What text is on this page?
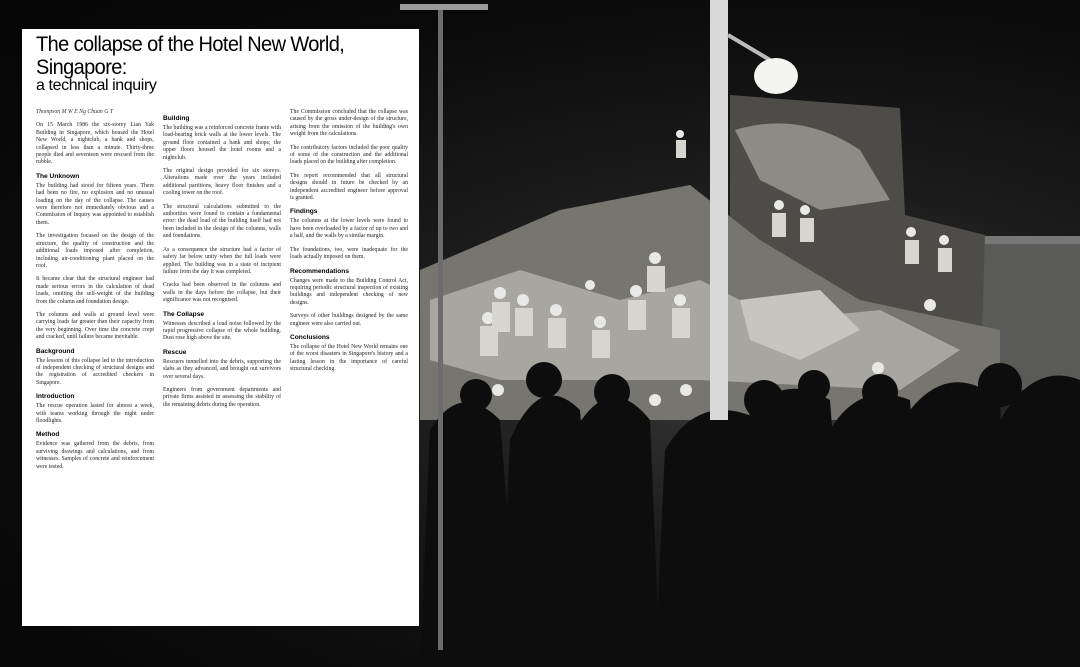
The collapse of the Hotel New World, Singapore:
a technical inquiry
Thompson M W E Ng Chuan G T

On 15 March 1986 the six-storey Lian Yak Building in Singapore, which housed the Hotel New World, a nightclub, a bank and shops, collapsed in less than a minute. Thirty-three people died and seventeen were rescued from the rubble.

The Unknown

The building had stood for fifteen years. There had been no fire, no explosion and no unusual loading on the day of the collapse. The causes were therefore not immediately obvious and a Commission of Inquiry was appointed to establish them.

The investigation focused on the design of the structure, the quality of construction and the additional loads imposed after completion, including air-conditioning plant placed on the roof.

It became clear that the structural engineer had made serious errors in the calculation of dead loads, omitting the self-weight of the building from the column and foundation design.

The columns and walls at ground level were carrying loads far greater than their capacity from the very beginning. Over time the concrete crept and cracked, until failure became inevitable.

Background

The lessons of this collapse led to the introduction of independent checking of structural designs and the registration of accredited checkers in Singapore.

Introduction

The rescue operation lasted for almost a week, with teams working through the night under floodlights.

Method

Evidence was gathered from the debris, from surviving drawings and calculations, and from witnesses. Samples of concrete and reinforcement were tested.

Building

The building was a reinforced concrete frame with load-bearing brick walls at the lower levels. The ground floor contained a bank and shops; the upper floors housed the hotel rooms and a nightclub.

The original design provided for six storeys. Alterations made over the years included additional partitions, heavy floor finishes and a cooling tower on the roof.

The structural calculations submitted to the authorities were found to contain a fundamental error: the dead load of the building itself had not been included in the design of the columns, walls and foundations.

As a consequence the structure had a factor of safety far below unity when the full loads were applied. The building was in a state of incipient failure from the day it was completed.

Cracks had been observed in the columns and walls in the days before the collapse, but their significance was not recognised.

The Collapse

Witnesses described a loud noise followed by the rapid progressive collapse of the whole building. Dust rose high above the site.

Rescue

Rescuers tunnelled into the debris, supporting the slabs as they advanced, and brought out survivors over several days.

Engineers from government departments and private firms assisted in assessing the stability of the remaining debris during the operation.

The Commission concluded that the collapse was caused by the gross under-design of the structure, arising from the omission of the building's own weight from the calculations.

The contributory factors included the poor quality of some of the construction and the additional loads placed on the building after completion.

The report recommended that all structural designs should in future be checked by an independent accredited engineer before approval is granted.

Findings

The columns at the lower levels were found to have been overloaded by a factor of up to two and a half, and the walls by a similar margin.

The foundations, too, were inadequate for the loads actually imposed on them.

Recommendations

Changes were made to the Building Control Act, requiring periodic structural inspection of existing buildings and independent checking of new designs.

Surveys of other buildings designed by the same engineer were also carried out.

Conclusions

The collapse of the Hotel New World remains one of the worst disasters in Singapore's history and a lasting lesson in the importance of careful structural checking.
